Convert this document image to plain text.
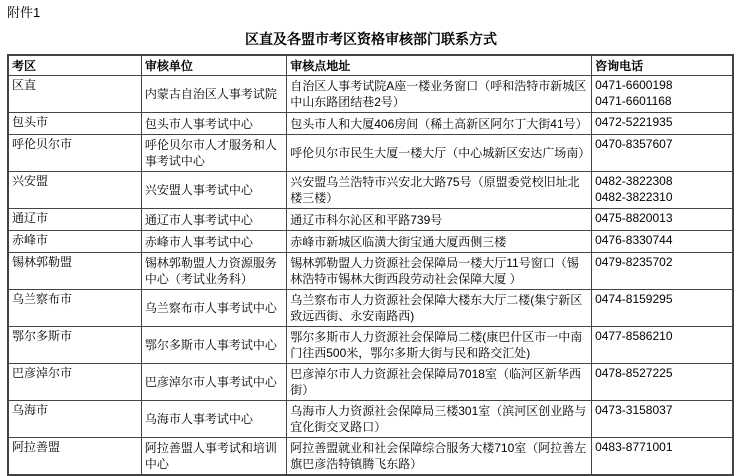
附件1
区直及各盟市考区资格审核部门联系方式
考区	审核单位	审核点地址	咨询电话
区直	内蒙古自治区人事考试院	自治区人事考试院A座一楼业务窗口（呼和浩特市新城区中山东路团结巷2号）	0471-6600198
0471-6601168

包头市	包头市人事考试中心	包头市人和大厦406房间（稀土高新区阿尔丁大街41号）	0472-5221935

呼伦贝尔市	呼伦贝尔市人才服务和人事考试中心	呼伦贝尔市民生大厦一楼大厅（中心城新区安达广场南）	0470-8357607

兴安盟	兴安盟人事考试中心	兴安盟乌兰浩特市兴安北大路75号（原盟委党校旧址北楼三楼）	0482-3822308
0482-3822310

通辽市	通辽市人事考试中心	通辽市科尔沁区和平路739号	0475-8820013

赤峰市	赤峰市人事考试中心	赤峰市新城区临潢大街宝通大厦西侧三楼	0476-8330744

锡林郭勒盟	锡林郭勒盟人力资源服务中心（考试业务科）	锡林郭勒盟人力资源社会保障局一楼大厅11号窗口（锡林浩特市锡林大街西段劳动社会保障大厦 ）	0479-8235702

乌兰察布市	乌兰察布市人事考试中心	乌兰察布市人力资源社会保障大楼东大厅二楼(集宁新区致远西街、永安南路西)	0474-8159295

鄂尔多斯市	鄂尔多斯市人事考试中心	鄂尔多斯市人力资源社会保障局二楼(康巴什区市一中南门往西500米，鄂尔多斯大街与民和路交汇处)	0477-8586210

巴彦淖尔市	巴彦淖尔市人事考试中心	巴彦淖尔市人力资源社会保障局7018室（临河区新华西街）	0478-8527225

乌海市	乌海市人事考试中心	乌海市人力资源社会保障局三楼301室（滨河区创业路与宜化街交叉路口）	0473-3158037

阿拉善盟	阿拉善盟人事考试和培训中心	阿拉善盟就业和社会保障综合服务大楼710室（阿拉善左旗巴彦浩特镇腾飞东路）	0483-8771001
